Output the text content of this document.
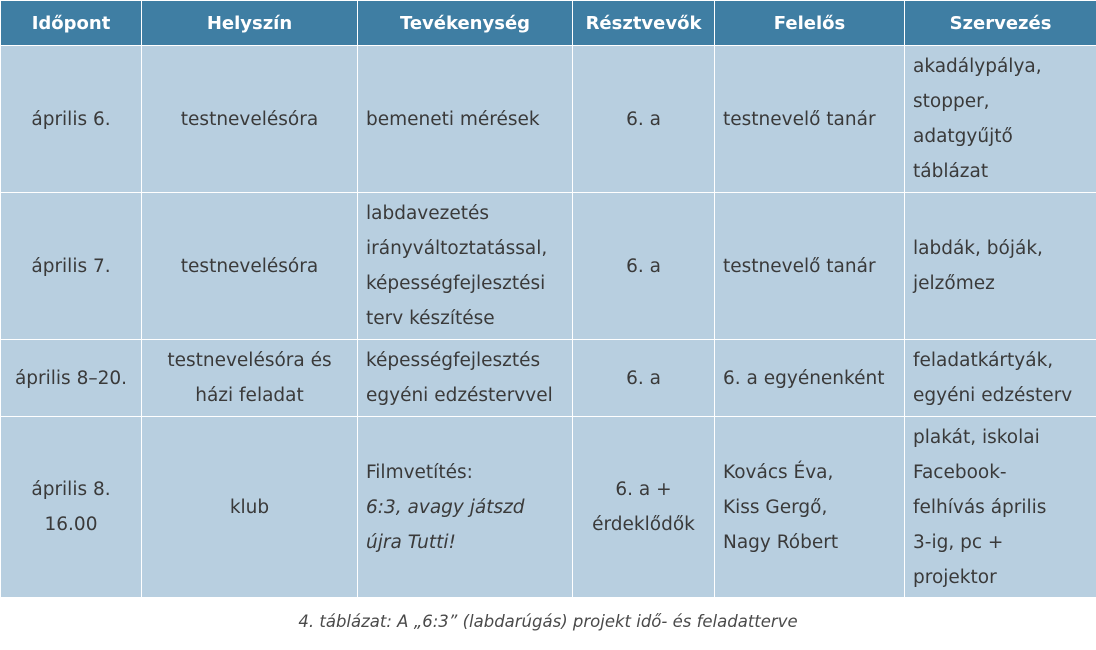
Időpont	Helyszín	Tevékenység	Résztvevők	Felelős	Szervezés

április 6.	testnevelésóra	bemeneti mérések	6. a	testnevelő tanár	akadálypálya,
stopper,
adatgyűjtő
táblázat

április 7.	testnevelésóra	labdavezetés
irányváltoztatással,
képességfejlesztési
terv készítése	6. a	testnevelő tanár	labdák, bóják,
jelzőmez

április 8–20.	testnevelésóra és
házi feladat	képességfejlesztés
egyéni edzéstervvel	6. a	6. a egyénenként	feladatkártyák,
egyéni edzésterv

április 8.
16.00	klub	Filmvetítés:
6:3, avagy játszd
újra Tutti!	6. a +
érdeklődők	Kovács Éva,
Kiss Gergő,
Nagy Róbert	plakát, iskolai
Facebook-
felhívás április
3-ig, pc +
projektor
4. táblázat: A „6:3” (labdarúgás) projekt idő- és feladatterve
